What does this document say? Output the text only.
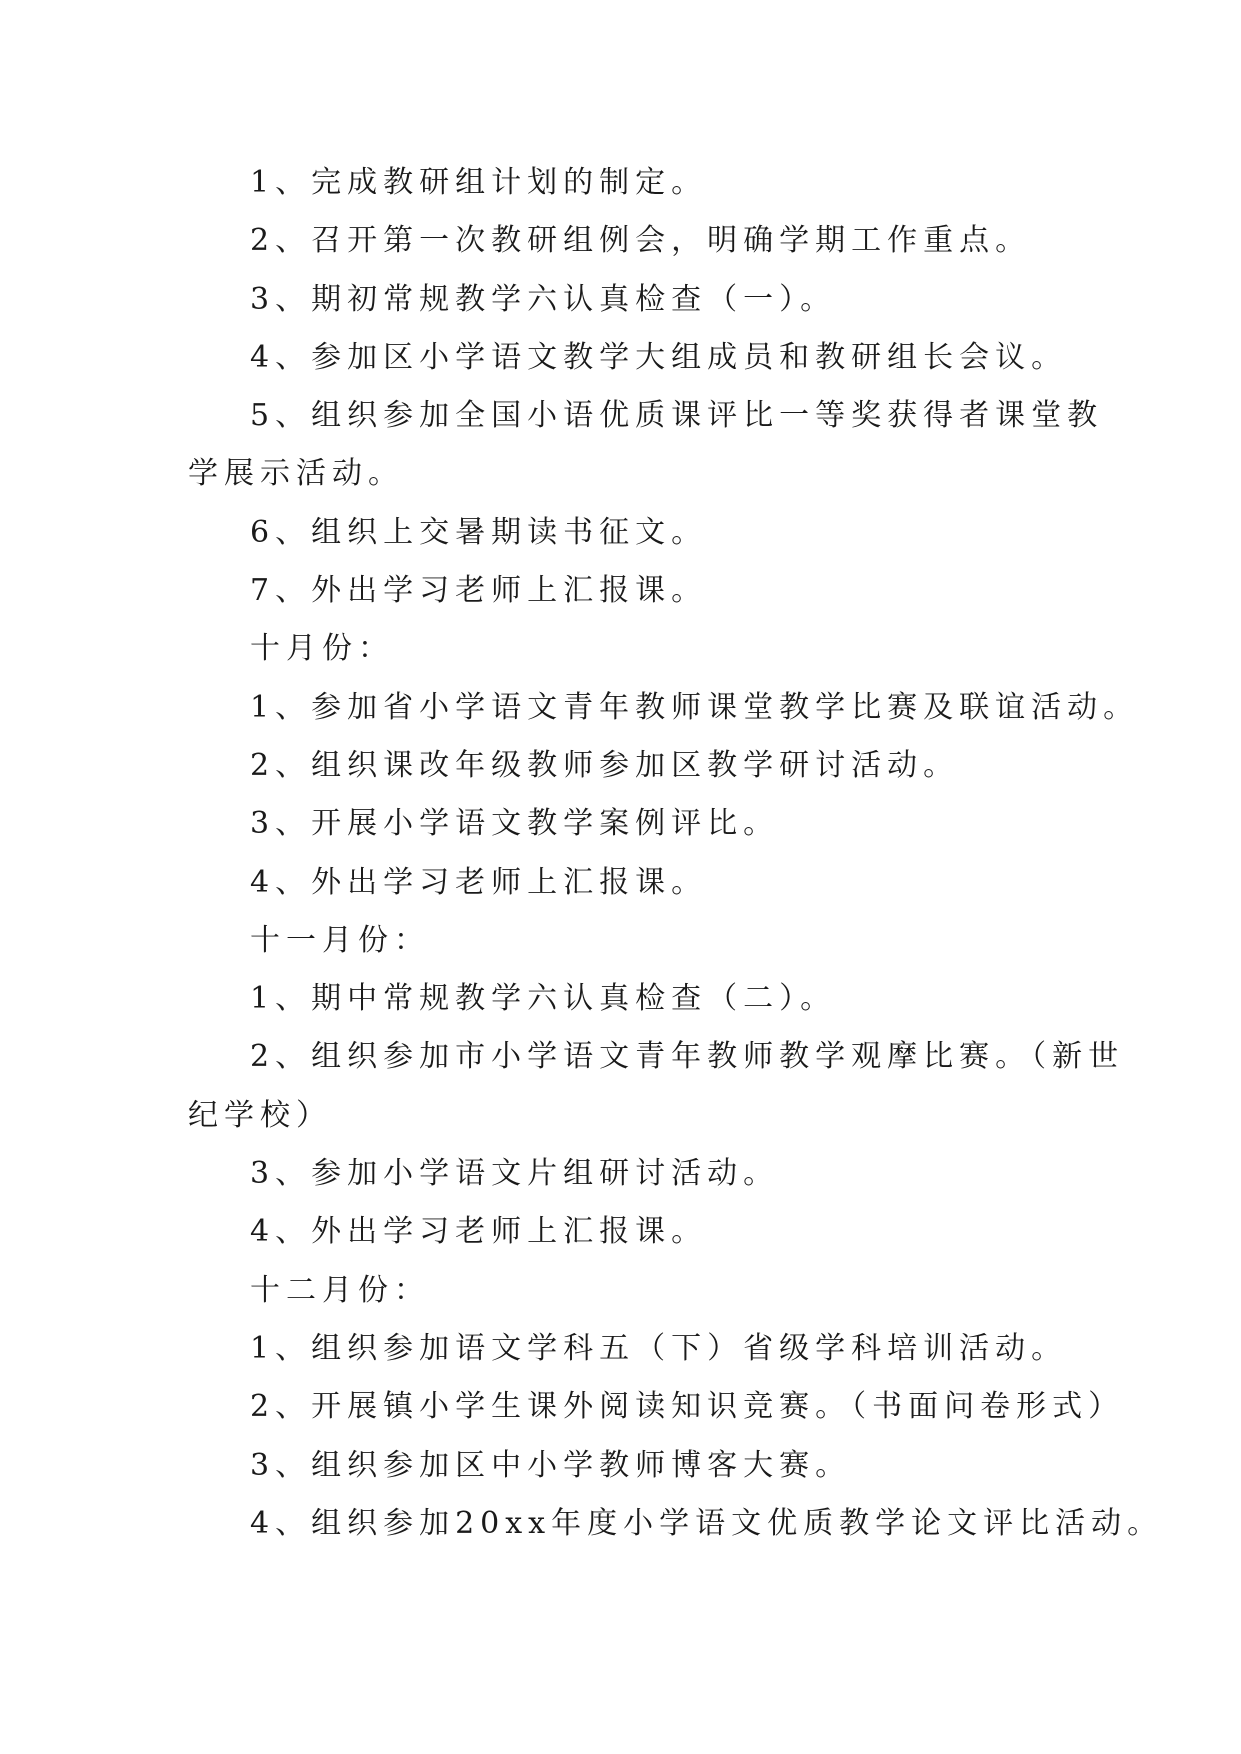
1、完成教研组计划的制定。
2、召开第一次教研组例会，明确学期工作重点。
3、期初常规教学六认真检查（一）。
4、参加区小学语文教学大组成员和教研组长会议。
5、组织参加全国小语优质课评比一等奖获得者课堂教
学展示活动。
6、组织上交暑期读书征文。
7、外出学习老师上汇报课。
十月份：
1、参加省小学语文青年教师课堂教学比赛及联谊活动。
2、组织课改年级教师参加区教学研讨活动。
3、开展小学语文教学案例评比。
4、外出学习老师上汇报课。
十一月份：
1、期中常规教学六认真检查（二）。
2、组织参加市小学语文青年教师教学观摩比赛。（新世
纪学校）
3、参加小学语文片组研讨活动。
4、外出学习老师上汇报课。
十二月份：
1、组织参加语文学科五（下）省级学科培训活动。
2、开展镇小学生课外阅读知识竞赛。（书面问卷形式）
3、组织参加区中小学教师博客大赛。
4、组织参加20xx年度小学语文优质教学论文评比活动。
